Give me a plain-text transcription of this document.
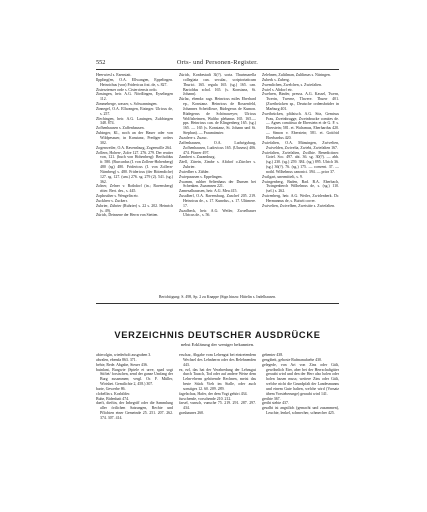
552	Orts- und Personen-Register.

Heerwiesl s. Ezenstatt.

Ilppling(en, O.A. Ellwangen, Eppelingen. Heinrichus (von) Fridericus frat. de, s. 827.

Zisterzienser orde s. Cisterciensis ordo.

Zinsingen, heir. A.G. Nördlingen, Eyselingen 112.

Zimmeberge, wasser, s. Schwanningen.

Zinnegel, O.A. Ellwangen, Eizinger. Ulricus de, s. 257.

Zlechingen, heir. A.G. Lauingen, Zulchingen 348. 874.

Zofhenhausen s. Zaffenhausen.

Zubinger, Kl., noch an der Hauer oder von Wildpesauer, in Konstanz, Prediger orders 302.

Zogenweiler, O.A. Ravensburg, Zogenwille 264.

Zollern, Hohen-, Zolre 127. 276. 279. Der reutter von, 121. (buch von Hohenberg): Bertholdus fr. 580. (Burcardus (I. von Zollern-Hohenberg) 480 (sg) 480. Fridericus (I. von Zollern-Nürnberg) s. 480. Fridericus (der Bittendiche) 127. sg. 127. (um.) 276. sg. 279 (2). 541. (sg.) 362.

Zolner, Zelner v. Rothdorf (in.; Ravensberg) ritter. Bert. des., s. 445.

Zophruther s. Wengelin etr.

Zuckherr s. Zuckerr.

Zubrier, Zübrier (Ruhrier) s. 22 s. 202. Heinrich (s. 49).

Zürich, Deinsene der Herrn von Stetten.

Zürich, Konbestadt 3l(?). sorta. Thurtmarella collegiata can. secular., scriptoriaticum Thurici. 165. regula 165. (sg.) 165. can. Bartoldus schol. 165. (s. Konstanz, St. Johann).

Zürlac, ebenda: ragr. Heinricus miles Eberhard ep., Konstanz. Heinricus de Rossenfeld, Johannes Scheidlowe, Rüdegerus de Kumon. Rüdegerus de Schönaweyer, Ulricus Wolfisheimen, Waltho plebanus 165. 165.—pps. Heinricus can. de Klingenberg 165. (sg.) 165. — 165 (s. Konstanz, St. Johann und St. Stephan). — Fraumünster.

Zuzalere s. Zuzuc.

Zaffenhausen, O.A. Ludwigsburg, Zofhenhausen, Ludovicus 165. (Uluseus) 406. 474. Pfarrer 497.

Zambert s. Zuzamburg.

Zäell, Zürein, Zimbe s. Altdorf o.Zürcher s. Zubrier.

Zwiedher s. Zühler.

Zwiepaussen s. Eppelingen.

Zwamm, ruhher Seltenhaus der Dunsen bei Schenken. Zuzamsen 221.

Zamesalhaussen, heir. A.G. Meu 415.

Zusalberl, O.A. Ravensburg, Zuschef 205. 219. Heinricus de., s. 17. Kunrdus., s. 17. Ultimere. 17.

Zuzalbeck, heir. A.G. Weiler, Zwoelbauer Ulricus de., s. 56.

Zelehnen, Zultilman, Zultlimas s. Nüringen.

Zuberk s. Zuberg.

Zwemlichen, Zwelchen, s. Zwiefalten.

Zwiel s. Altdorf etr.

Zwehren, Binder, preuss. A.G. Kassel, Twern, Twerin, Twerne, Thwere. Thuerr 401. (Zweibrücken sp., Deutsche ordensbrüder in Marburg 401.

Zweibrücken, pfälzisch. A.G. Sitz, Gemisus Frau, Zweinbrugge, Zweinbrucke comites de. — Agnes comitissa de Eberstein et de G. F. s. Eberstein; 581. et. Walramus, Eberhardus 420. — Simon v. Eberstein; 581. et. Gottfrid Eberhardus 420.

Zwiefalten, O.A. Münsingen, Zwivelten, Zwivelden, Zwivelta, Zwiebi, Zwiefalten 167.

Zwiefalten, Zwiefalten, Zwilbie. Benedictiner. Gotel. Soc. 497. abt. 36. sg. 30(?). — abb. (sg.) 230. (sg.) 259. 384. (sg.) 895. Ulrich 36. (sg.) 36(?). 76. (sg.) 175. — convent. 37. — nothl. Wilhelmus canonici. 394. — prior 37.

Zwilgart, unermittelt, s. 9.

Zwingenberg, Baden, Bad. B.A. Eberbach, Twingenberch Wilhelmus de, s. (sg.) 110. (sel.) s. 262.

Zwirenberg, heir. A.G. Weiler, Zwirlenberk. Dr. Hermannus de, s. Buiwit correr.

Zwivelten, Zwivelben, Zweisitte s. Zwiefalten.

Berichtigung: S. 498, Sp. 2 zu Knappe (Sign hinzu: Hittelin s. Indelhausen.
VERZEICHNIS DEUTSCHER AUSDRÜCKE
nebst Erklärung der weniger bekannten.

abirvolgin, wiederholt ausgraben 3.

abvalen, ebenda 863. 371.

behte, Rede. Abgabe, Steuer 436.

buinlant, Burgwie (Spiele et urve, spad sogt Stiftet/ forsischen, send der ganze Umfang der Burg zusammen; vergl. Or. F. Müller, Wirtsbet. Gemtlichte 2, 458.) 307.

barte, Gewerbe 86.

clobellin s. Kosbilder.

Buhe, Bidenbait 474.

daeft, dieftin, der Inbegriff oder die Sammlung aller örtlichen Satzungen, Rechte und Pflichten einer Gemeinde 25. 251. 207. 262. 374. 307. 414.

erschaz, Abgabe vom Lehengut bei eintretendem Wechsel des Lehnherrn oder des Belehnenden 443.

ez, ezl, das hat der Verabredung der Lehnsgut durch Tausch, Tod oder auf andere Weise dem Lehn-eherm gehörende Rechnen, meist das beste Stück Vieh im Stalle, oder auch sonstiges 12. 60. 209. 289.

fagelschaz, Hafer, der dem Vogt gehört 434.

furschende, vorschende 210. 212.

farsel, vunsch, vunsche 75. 219. 291. 287. 297. 434.

grasbaunes 260.

gebenter 438.

gengibeit, geboste Rufmanufaehe 430.

gelegede, von Art von Zins oder Gült, gewöhnlich Eier, aber bei der Herrschaftgüter geraubt wird und den der Herr also holen oder holen lassen muss; weitere Zins oder Gült, welche nicht die Grundpfalt der Landesmanns und einem Gute halten, welche wird (Vorsatz übem Vorsteherunge) geraubt wird 141.

gerihte 367.

geriht stehte 437.

gesalbt ist angstlich (gemacht und zusammen), Leuchte, lenkel, schmecher, schmecher 425.
